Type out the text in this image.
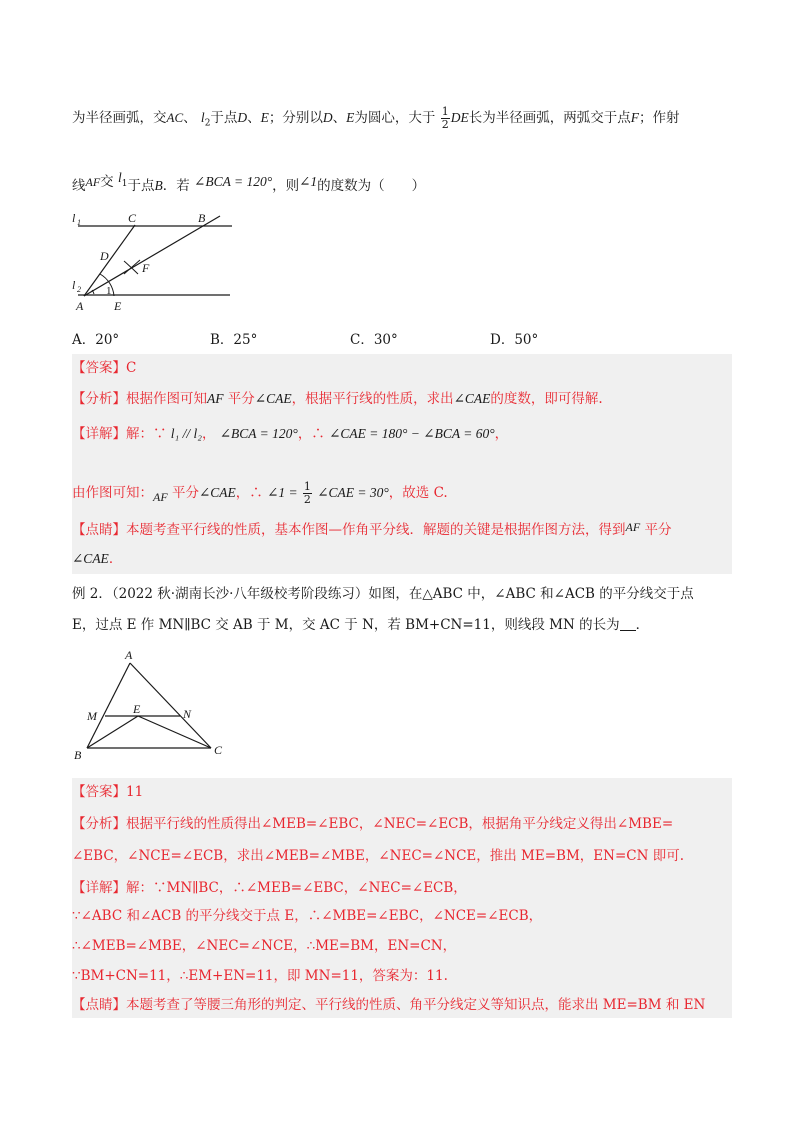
为半径画弧，交AC、 $l_2$于点D、E；分别以D、E为圆心，大于 $\frac{1}{2}$ DE长为半径画弧，两弧交于点F；作射
线AF交 $l_1$于点B．若 ∠BCA = 120°，则∠1的度数为（　　）
l 1	C	B
D
F
l 2
A	E
1
A．20°	B．25°	C．30°	D．50°
【答案】C
【分析】根据作图可知AF 平分∠CAE，根据平行线的性质，求出∠CAE的度数，即可得解.
【详解】解：∵ l₁ // l₂， ∠BCA = 120°，∴ ∠CAE = 180° − ∠BCA = 60°，
由作图可知：AF 平分∠CAE，∴ ∠1 = $\frac{1}{2}$ ∠CAE = 30°，故选 C.
【点睛】本题考查平行线的性质，基本作图—作角平分线．解题的关键是根据作图方法，得到AF 平分
∠CAE．
例 2．（2022 秋·湖南长沙·八年级校考阶段练习）如图，在△ABC 中，∠ABC 和∠ACB 的平分线交于点
E，过点 E 作 MN∥BC 交 AB 于 M，交 AC 于 N，若 BM+CN=11，则线段 MN 的长为 ．
A
M	E	N
B	C
【答案】11
【分析】根据平行线的性质得出∠MEB=∠EBC，∠NEC=∠ECB，根据角平分线定义得出∠MBE=
∠EBC，∠NCE=∠ECB，求出∠MEB=∠MBE，∠NEC=∠NCE，推出 ME=BM，EN=CN 即可.
【详解】解：∵MN∥BC，∴∠MEB=∠EBC，∠NEC=∠ECB，
∵∠ABC 和∠ACB 的平分线交于点 E，∴∠MBE=∠EBC，∠NCE=∠ECB，
∴∠MEB=∠MBE，∠NEC=∠NCE，∴ME=BM，EN=CN，
∵BM+CN=11，∴EM+EN=11，即 MN=11，答案为：11.
【点睛】本题考查了等腰三角形的判定、平行线的性质、角平分线定义等知识点，能求出 ME=BM 和 EN
